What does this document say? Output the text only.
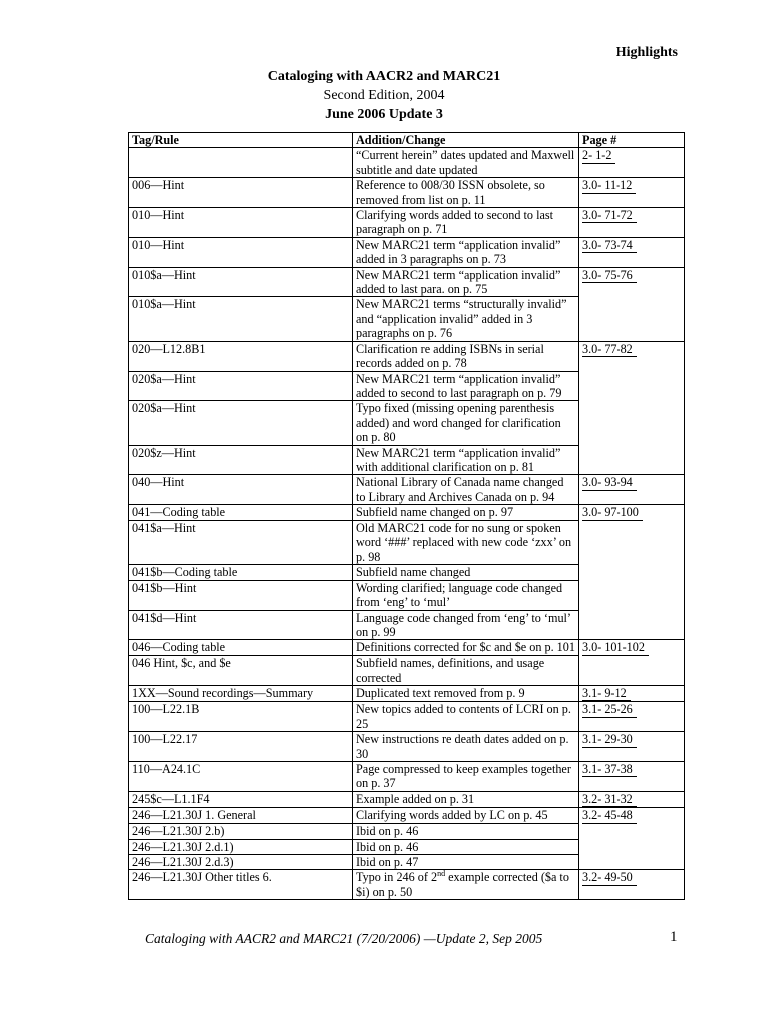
Highlights
Cataloging with AACR2 and MARC21
Second Edition, 2004
June 2006 Update 3
Tag/Rule	Addition/Change	Page #
	“Current herein” dates updated and Maxwell subtitle and date updated	2- 1-2
006—Hint	Reference to 008/30 ISSN obsolete, so removed from list on p. 11	3.0- 11-12
010—Hint	Clarifying words added to second to last paragraph on p. 71	3.0- 71-72
010—Hint	New MARC21 term “application invalid” added in 3 paragraphs on p. 73	3.0- 73-74
010$a—Hint	New MARC21 term “application invalid” added to last para. on p. 75	3.0- 75-76
010$a—Hint	New MARC21 terms “structurally invalid” and “application invalid” added in 3 paragraphs on p. 76	
020—L12.8B1	Clarification re adding ISBNs in serial records added on p. 78	3.0- 77-82
020$a—Hint	New MARC21 term “application invalid” added to second to last paragraph on p. 79	
020$a—Hint	Typo fixed (missing opening parenthesis added) and word changed for clarification on p. 80	
020$z—Hint	New MARC21 term “application invalid” with additional clarification on p. 81	
040—Hint	National Library of Canada name changed to Library and Archives Canada on p. 94	3.0- 93-94
041—Coding table	Subfield name changed on p. 97	3.0- 97-100
041$a—Hint	Old MARC21 code for no sung or spoken word ‘###’ replaced with new code ‘zxx’ on p. 98	
041$b—Coding table	Subfield name changed	
041$b—Hint	Wording clarified; language code changed from ‘eng’ to ‘mul’	
041$d—Hint	Language code changed from ‘eng’ to ‘mul’ on p. 99	
046—Coding table	Definitions corrected for $c and $e on p. 101	3.0- 101-102
046 Hint, $c, and $e	Subfield names, definitions, and usage corrected	
1XX—Sound recordings—Summary	Duplicated text removed from p. 9	3.1- 9-12
100—L22.1B	New topics added to contents of LCRI on p. 25	3.1- 25-26
100—L22.17	New instructions re death dates added on p. 30	3.1- 29-30
110—A24.1C	Page compressed to keep examples together on p. 37	3.1- 37-38
245$c—L1.1F4	Example added on p. 31	3.2- 31-32
246—L21.30J 1. General	Clarifying words added by LC on p. 45	3.2- 45-48
246—L21.30J 2.b)	Ibid on p. 46	
246—L21.30J 2.d.1)	Ibid on p. 46	
246—L21.30J 2.d.3)	Ibid on p. 47	
246—L21.30J Other titles 6.	Typo in 246 of 2nd example corrected ($a to $i) on p. 50	3.2- 49-50
Cataloging with AACR2 and MARC21 (7/20/2006) —Update 2, Sep 2005	1
